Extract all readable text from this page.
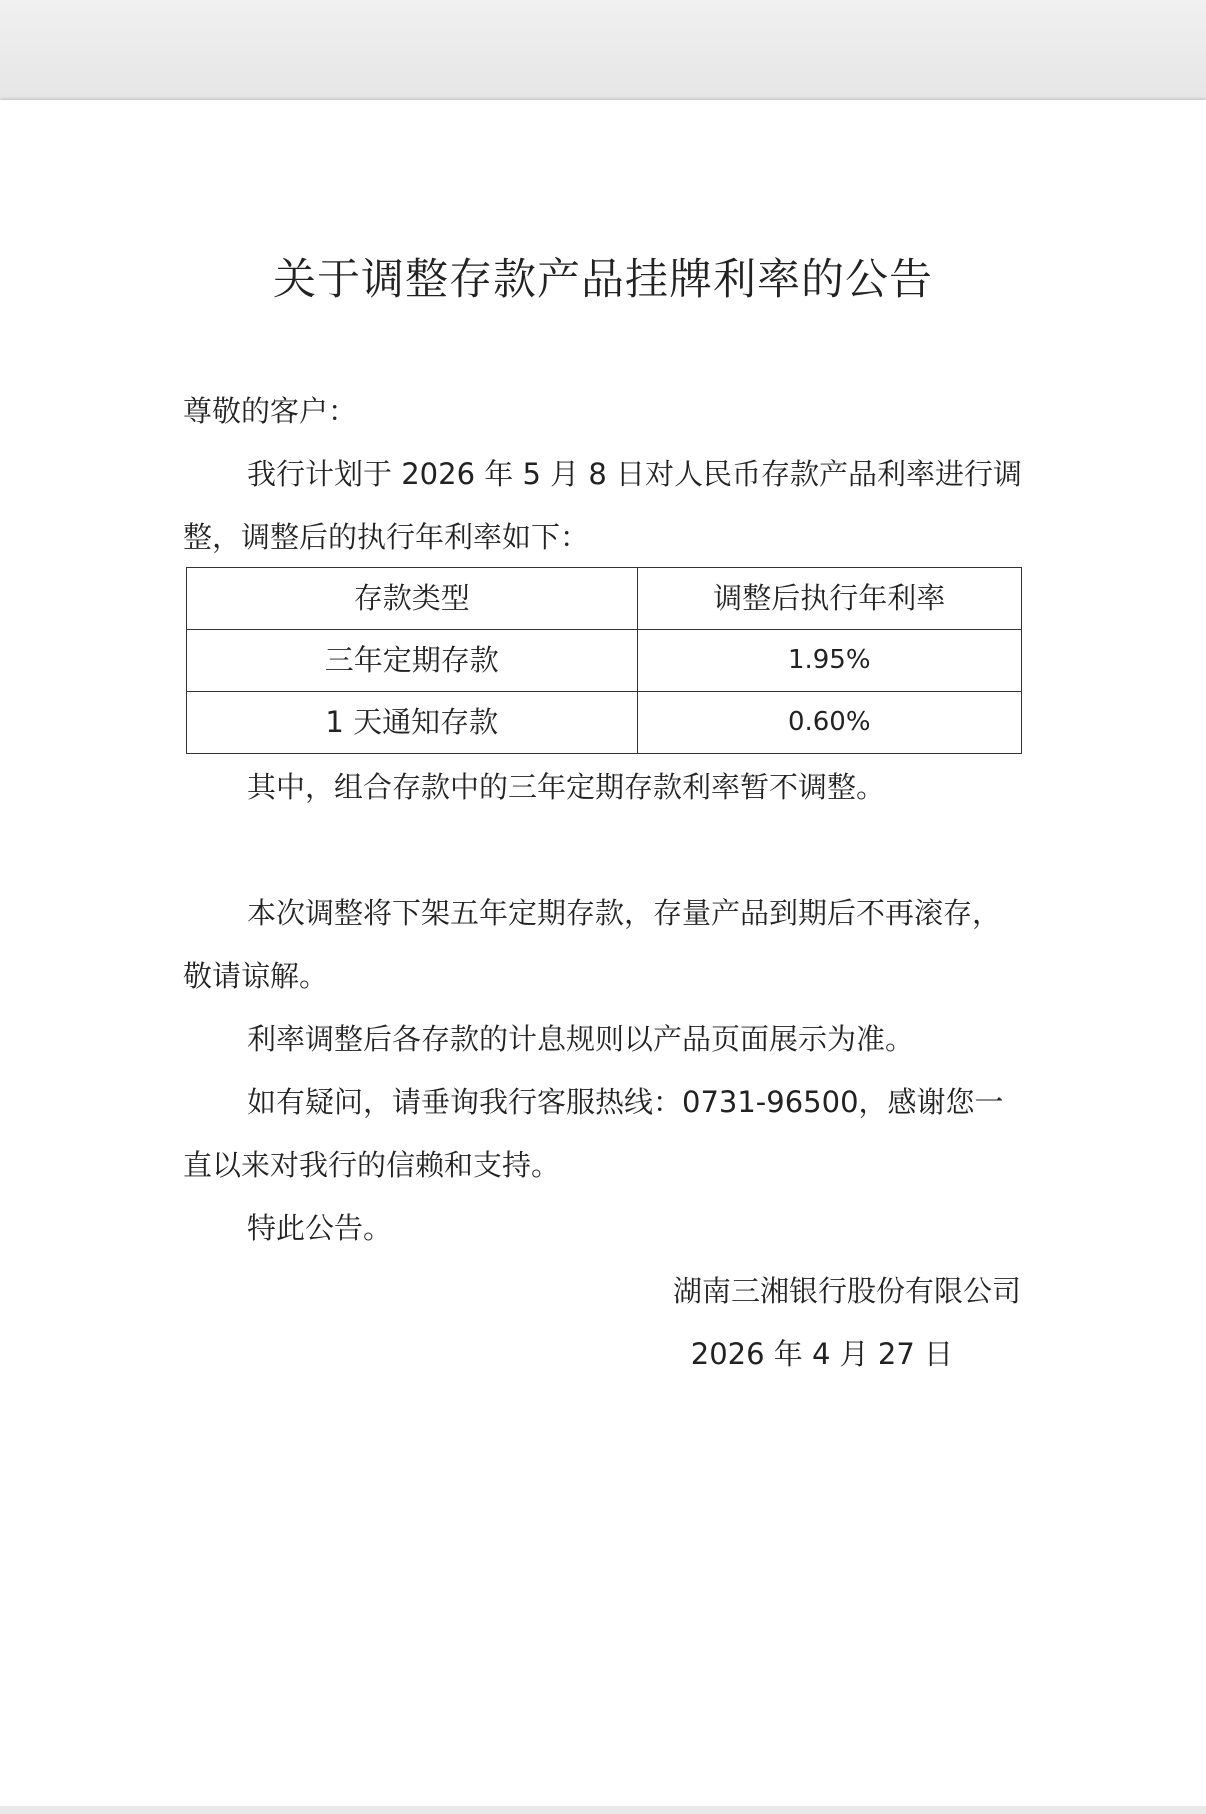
关于调整存款产品挂牌利率的公告

尊敬的客户：

我行计划于 2026 年 5 月 8 日对人民币存款产品利率进行调整，调整后的执行年利率如下：

存款类型	调整后执行年利率
三年定期存款	1.95%
1 天通知存款	0.60%

其中，组合存款中的三年定期存款利率暂不调整。

本次调整将下架五年定期存款，存量产品到期后不再滚存，敬请谅解。

利率调整后各存款的计息规则以产品页面展示为准。

如有疑问，请垂询我行客服热线：0731-96500，感谢您一直以来对我行的信赖和支持。

特此公告。

湖南三湘银行股份有限公司

2026 年 4 月 27 日
